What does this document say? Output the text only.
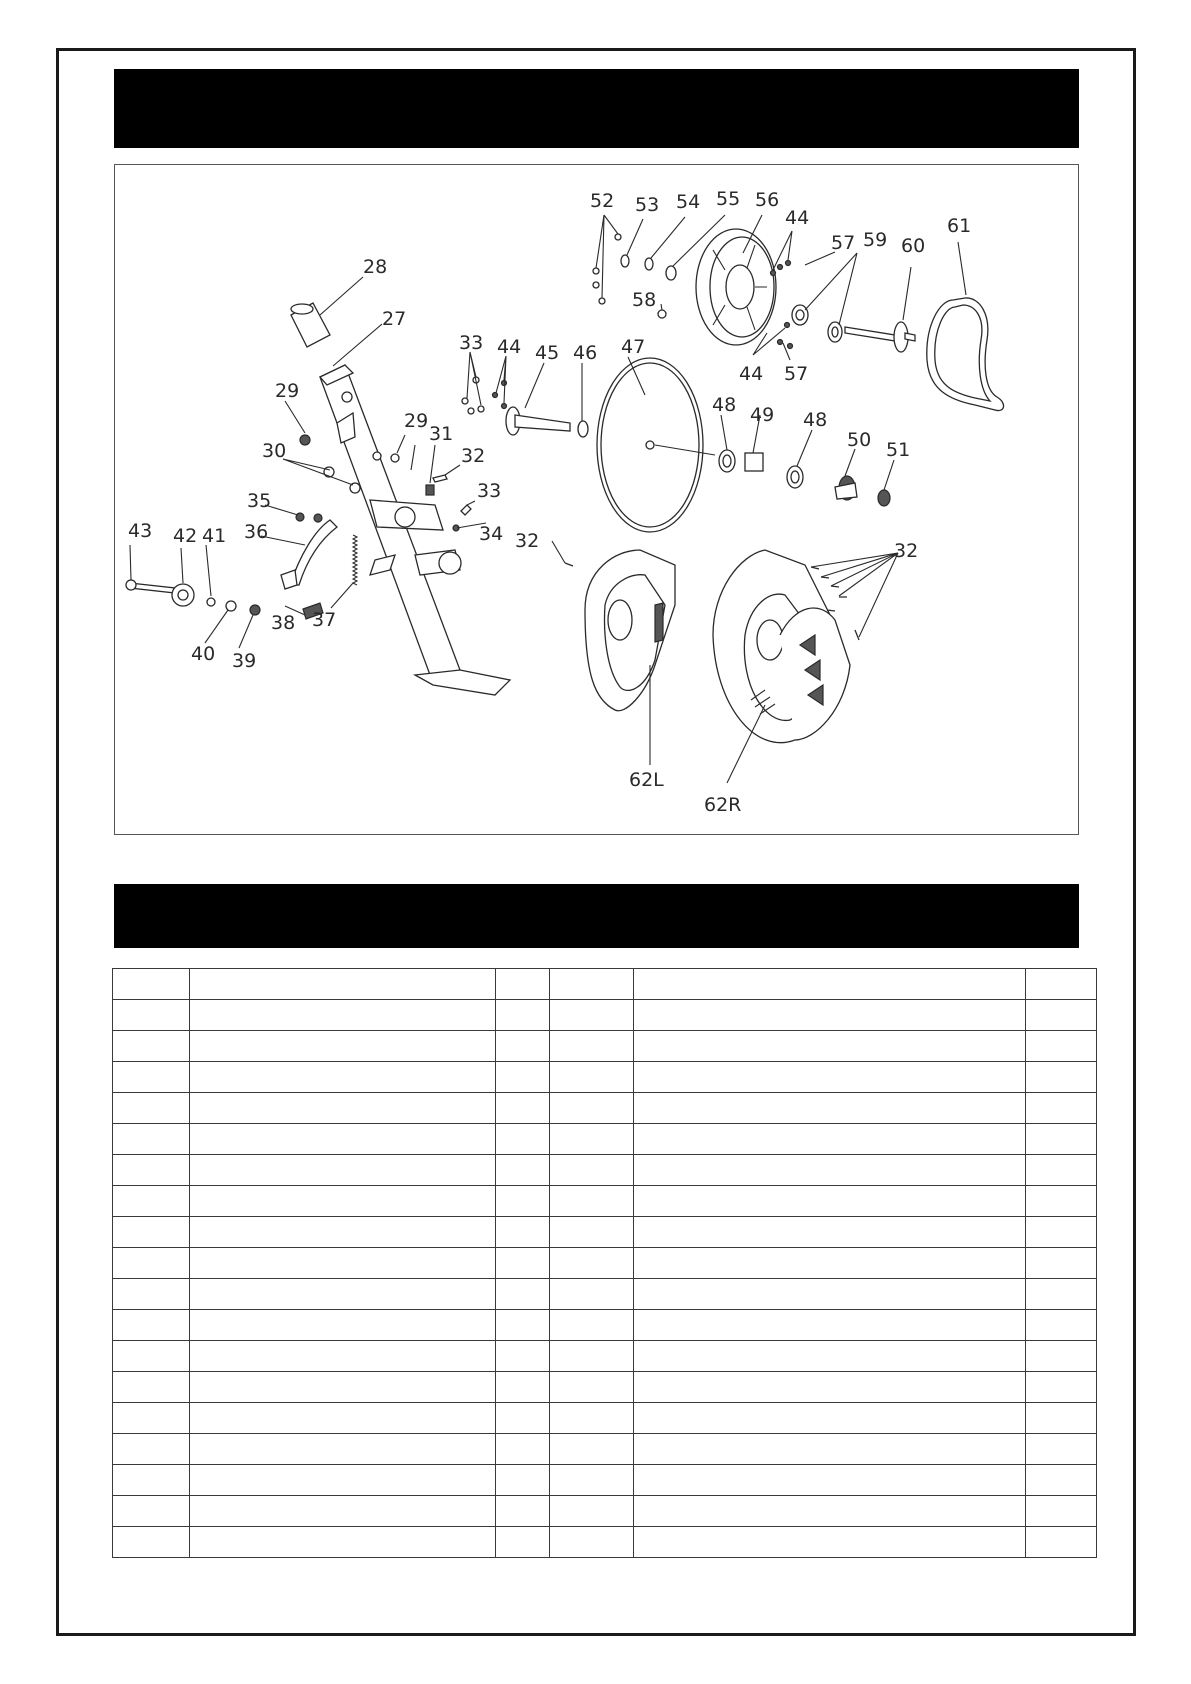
28
27
29
29
30
31
32
33
34
35
36
37
38
39
40
41
42
43
33 44 45 46 47
48 49 48
50 51
52 53 54 55 56
44
57 59 60
61
58
44 57
32	32
62L
62R
